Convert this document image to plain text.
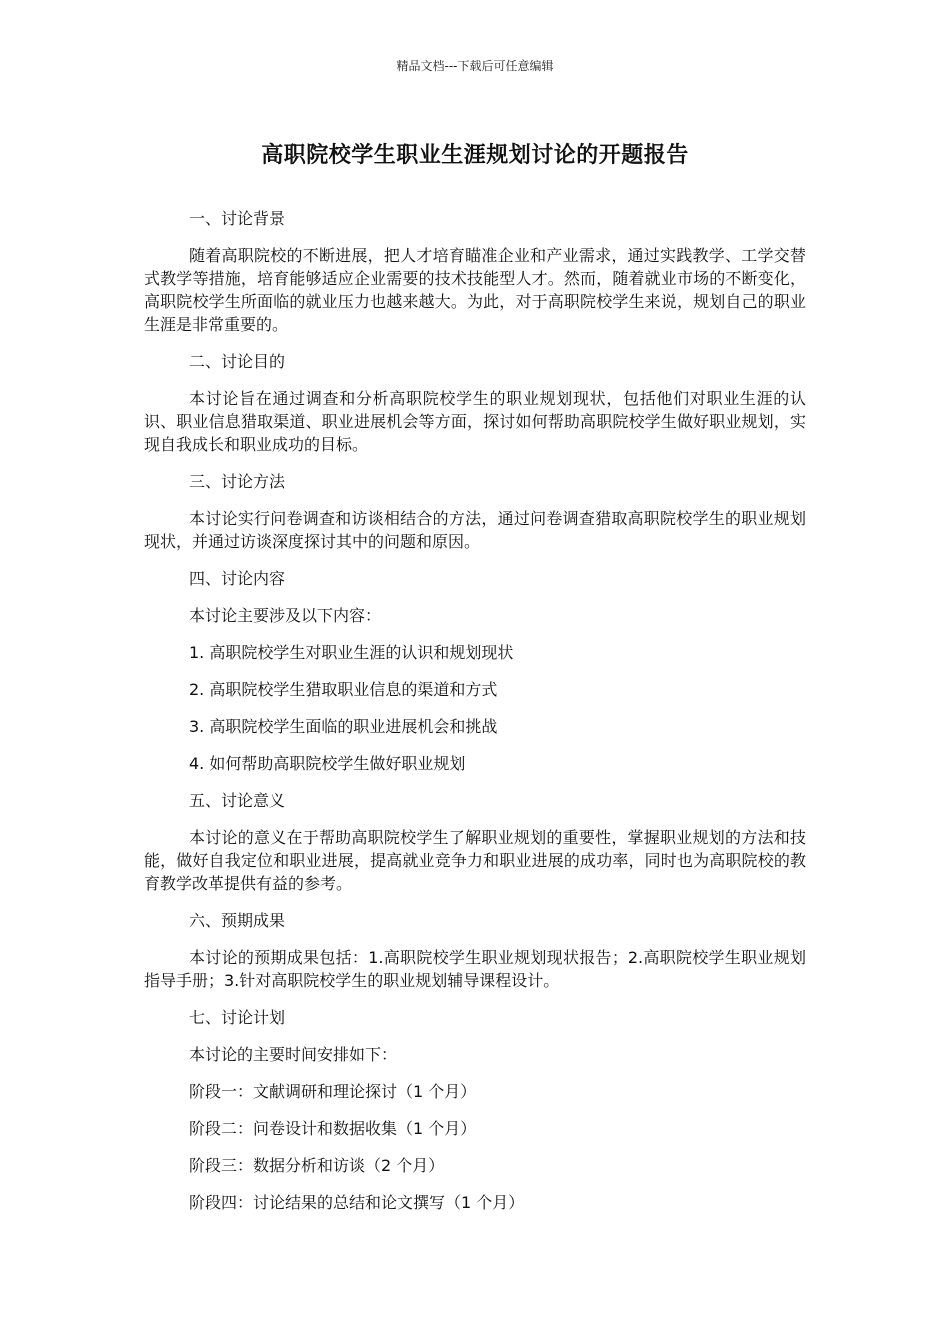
精品文档---下载后可任意编辑
高职院校学生职业生涯规划讨论的开题报告

一、讨论背景

随着高职院校的不断进展，把人才培育瞄准企业和产业需求，通过实践教学、工学交替式教学等措施，培育能够适应企业需要的技术技能型人才。然而，随着就业市场的不断变化，高职院校学生所面临的就业压力也越来越大。为此，对于高职院校学生来说，规划自己的职业生涯是非常重要的。

二、讨论目的

本讨论旨在通过调查和分析高职院校学生的职业规划现状，包括他们对职业生涯的认识、职业信息猎取渠道、职业进展机会等方面，探讨如何帮助高职院校学生做好职业规划，实现自我成长和职业成功的目标。

三、讨论方法

本讨论实行问卷调查和访谈相结合的方法，通过问卷调查猎取高职院校学生的职业规划现状，并通过访谈深度探讨其中的问题和原因。

四、讨论内容

本讨论主要涉及以下内容：

1. 高职院校学生对职业生涯的认识和规划现状

2. 高职院校学生猎取职业信息的渠道和方式

3. 高职院校学生面临的职业进展机会和挑战

4. 如何帮助高职院校学生做好职业规划

五、讨论意义

本讨论的意义在于帮助高职院校学生了解职业规划的重要性，掌握职业规划的方法和技能，做好自我定位和职业进展，提高就业竞争力和职业进展的成功率，同时也为高职院校的教育教学改革提供有益的参考。

六、预期成果

本讨论的预期成果包括：1.高职院校学生职业规划现状报告；2.高职院校学生职业规划指导手册；3.针对高职院校学生的职业规划辅导课程设计。

七、讨论计划

本讨论的主要时间安排如下：

阶段一：文献调研和理论探讨（1 个月）

阶段二：问卷设计和数据收集（1 个月）

阶段三：数据分析和访谈（2 个月）

阶段四：讨论结果的总结和论文撰写（1 个月）
